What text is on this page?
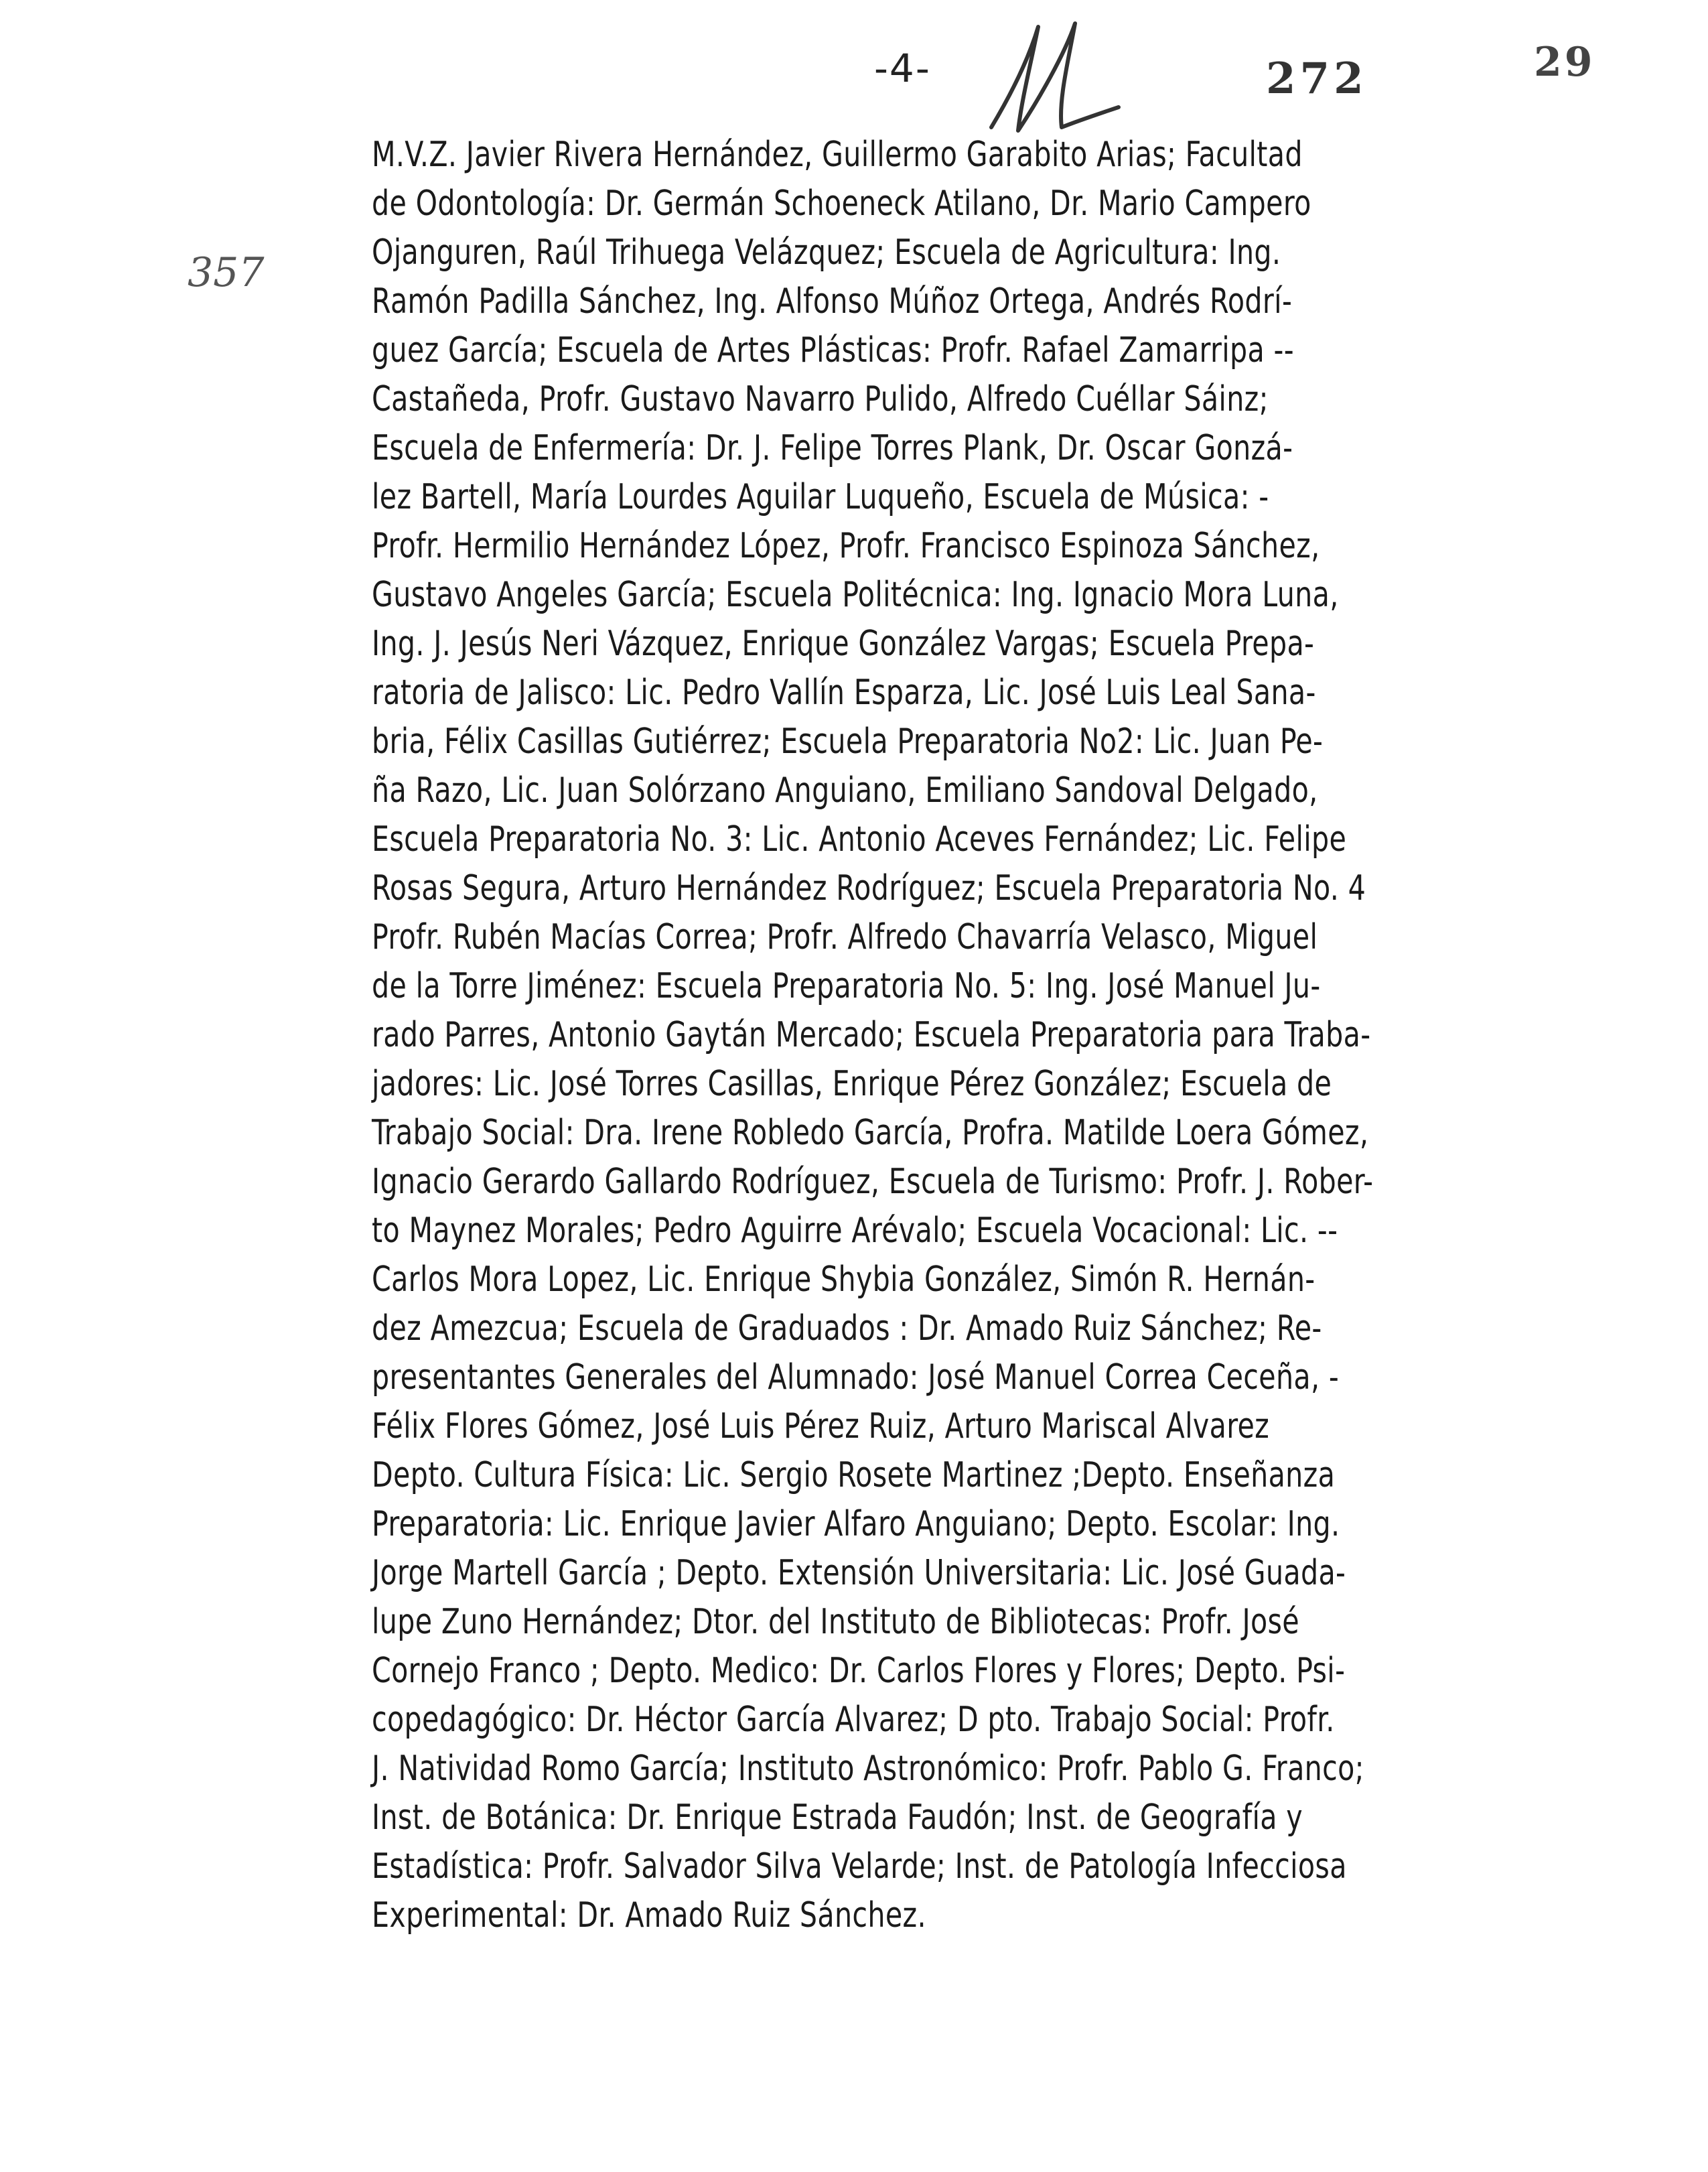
-4-	272	29
357
M.V.Z. Javier Rivera Hernández, Guillermo Garabito Arias; Facultad
de Odontología: Dr. Germán Schoeneck Atilano, Dr. Mario Campero
Ojanguren, Raúl Trihuega Velázquez; Escuela de Agricultura: Ing.
Ramón Padilla Sánchez, Ing. Alfonso Múñoz Ortega, Andrés Rodrí-
guez García; Escuela de Artes Plásticas: Profr. Rafael Zamarripa --
Castañeda, Profr. Gustavo Navarro Pulido, Alfredo Cuéllar Sáinz;
Escuela de Enfermería: Dr. J. Felipe Torres Plank, Dr. Oscar Gonzá-
lez Bartell, María Lourdes Aguilar Luqueño, Escuela de Música: -
Profr. Hermilio Hernández López, Profr. Francisco Espinoza Sánchez,
Gustavo Angeles García; Escuela Politécnica: Ing. Ignacio Mora Luna,
Ing. J. Jesús Neri Vázquez, Enrique González Vargas; Escuela Prepa-
ratoria de Jalisco: Lic. Pedro Vallín Esparza, Lic. José Luis Leal Sana-
bria, Félix Casillas Gutiérrez; Escuela Preparatoria No2: Lic. Juan Pe-
ña Razo, Lic. Juan Solórzano Anguiano, Emiliano Sandoval Delgado,
Escuela Preparatoria No. 3: Lic. Antonio Aceves Fernández; Lic. Felipe
Rosas Segura, Arturo Hernández Rodríguez; Escuela Preparatoria No. 4
Profr. Rubén Macías Correa; Profr. Alfredo Chavarría Velasco, Miguel
de la Torre Jiménez: Escuela Preparatoria No. 5: Ing. José Manuel Ju-
rado Parres, Antonio Gaytán Mercado; Escuela Preparatoria para Traba-
jadores: Lic. José Torres Casillas, Enrique Pérez González; Escuela de
Trabajo Social: Dra. Irene Robledo García, Profra. Matilde Loera Gómez,
Ignacio Gerardo Gallardo Rodríguez, Escuela de Turismo: Profr. J. Rober-
to Maynez Morales; Pedro Aguirre Arévalo; Escuela Vocacional: Lic. --
Carlos Mora Lopez, Lic. Enrique Shybia González, Simón R. Hernán-
dez Amezcua; Escuela de Graduados : Dr. Amado Ruiz Sánchez; Re-
presentantes Generales del Alumnado: José Manuel Correa Ceceña, -
Félix Flores Gómez, José Luis Pérez Ruiz, Arturo Mariscal Alvarez
Depto. Cultura Física: Lic. Sergio Rosete Martinez ;Depto. Enseñanza
Preparatoria: Lic. Enrique Javier Alfaro Anguiano; Depto. Escolar: Ing.
Jorge Martell García ; Depto. Extensión Universitaria: Lic. José Guada-
lupe Zuno Hernández; Dtor. del Instituto de Bibliotecas: Profr. José
Cornejo Franco ; Depto. Medico: Dr. Carlos Flores y Flores; Depto. Psi-
copedagógico: Dr. Héctor García Alvarez; D pto. Trabajo Social: Profr.
J. Natividad Romo García; Instituto Astronómico: Profr. Pablo G. Franco;
Inst. de Botánica: Dr. Enrique Estrada Faudón; Inst. de Geografía y
Estadística: Profr. Salvador Silva Velarde; Inst. de Patología Infecciosa
Experimental: Dr. Amado Ruiz Sánchez.
